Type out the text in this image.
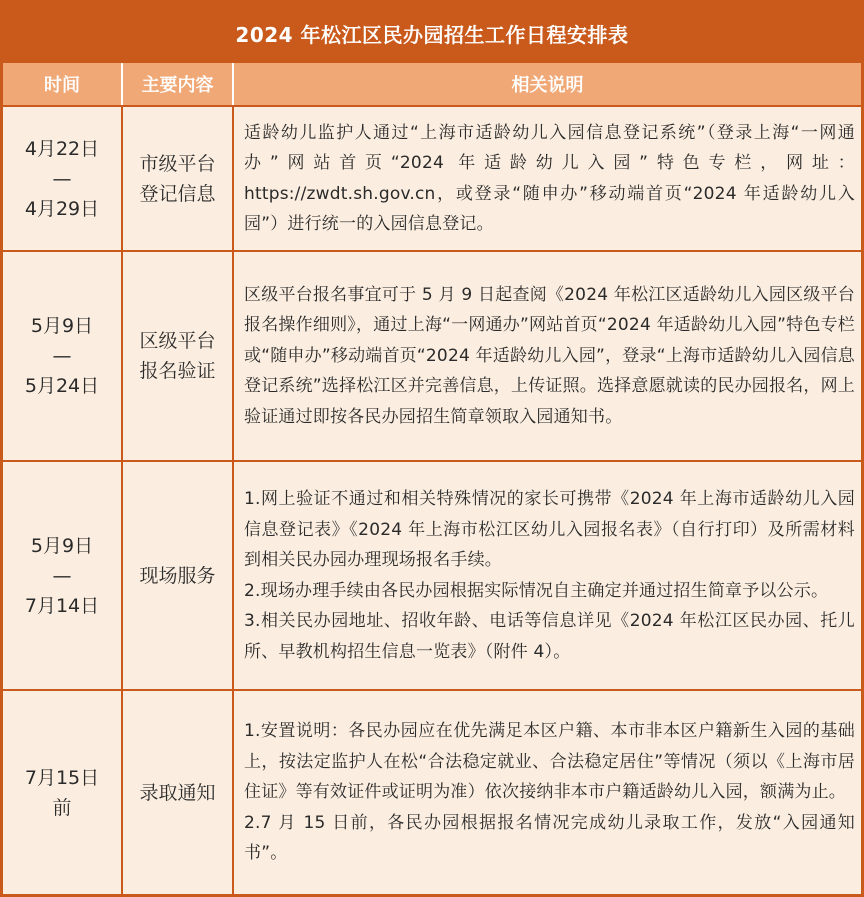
2024 年松江区民办园招生工作日程安排表
时间	主要内容	相关说明
4月22日
—
4月29日
市级平台
登记信息

适龄幼儿监护人通过“上海市适龄幼儿入园信息登记系统”（登录上海“一网通办”网站首页“2024 年适龄幼儿入园”特色专栏，网址：https://zwdt.sh.gov.cn，或登录“随申办”移动端首页“2024 年适龄幼儿入园”）进行统一的入园信息登记。

5月9日
—
5月24日
区级平台
报名验证

区级平台报名事宜可于 5 月 9 日起查阅《2024 年松江区适龄幼儿入园区级平台报名操作细则》，通过上海“一网通办”网站首页“2024 年适龄幼儿入园”特色专栏或“随申办”移动端首页“2024 年适龄幼儿入园”，登录“上海市适龄幼儿入园信息登记系统”选择松江区并完善信息，上传证照。选择意愿就读的民办园报名，网上验证通过即按各民办园招生简章领取入园通知书。

5月9日
—
7月14日
现场服务

1.网上验证不通过和相关特殊情况的家长可携带《2024 年上海市适龄幼儿入园信息登记表》《2024 年上海市松江区幼儿入园报名表》（自行打印）及所需材料到相关民办园办理现场报名手续。

2.现场办理手续由各民办园根据实际情况自主确定并通过招生简章予以公示。

3.相关民办园地址、招收年龄、电话等信息详见《2024 年松江区民办园、托儿所、早教机构招生信息一览表》（附件 4）。

7月15日
前
录取通知

1.安置说明：各民办园应在优先满足本区户籍、本市非本区户籍新生入园的基础上，按法定监护人在松“合法稳定就业、合法稳定居住”等情况（须以《上海市居住证》等有效证件或证明为准）依次接纳非本市户籍适龄幼儿入园，额满为止。

2.7 月 15 日前，各民办园根据报名情况完成幼儿录取工作，发放“入园通知书”。
